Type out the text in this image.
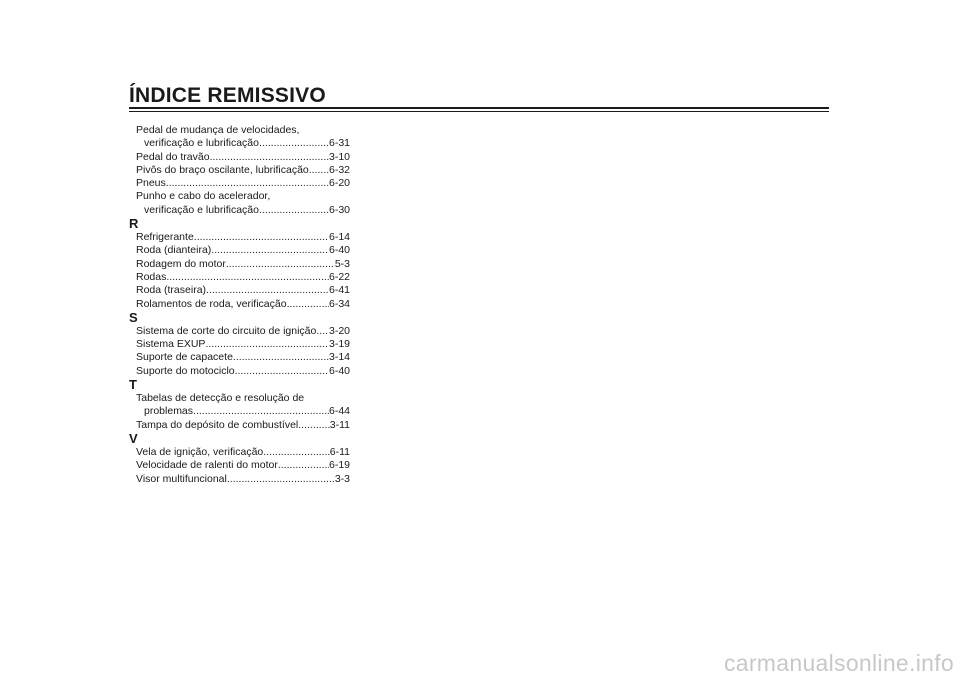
ÍNDICE REMISSIVO
Pedal de mudança de velocidades,
verificação e lubrificação .....	6-31
Pedal do travão .....	3-10
Pivôs do braço oscilante, lubrificação ..... 6-32
Pneus .....	6-20
Punho e cabo do acelerador,
verificação e lubrificação .....	6-30
R
Refrigerante .....	6-14
Roda (dianteira) .....	6-40
Rodagem do motor .....	5-3
Rodas .....	6-22
Roda (traseira) .....	6-41
Rolamentos de roda, verificação .....	6-34
S
Sistema de corte do circuito de ignição ..... 3-20
Sistema EXUP .....	3-19
Suporte de capacete .....	3-14
Suporte do motociclo .....	6-40
T
Tabelas de detecção e resolução de
problemas .....	6-44
Tampa do depósito de combustível .....	3-11
V
Vela de ignição, verificação .....	6-11
Velocidade de ralenti do motor .....	6-19
Visor multifuncional .....	3-3
carmanualsonline.info
